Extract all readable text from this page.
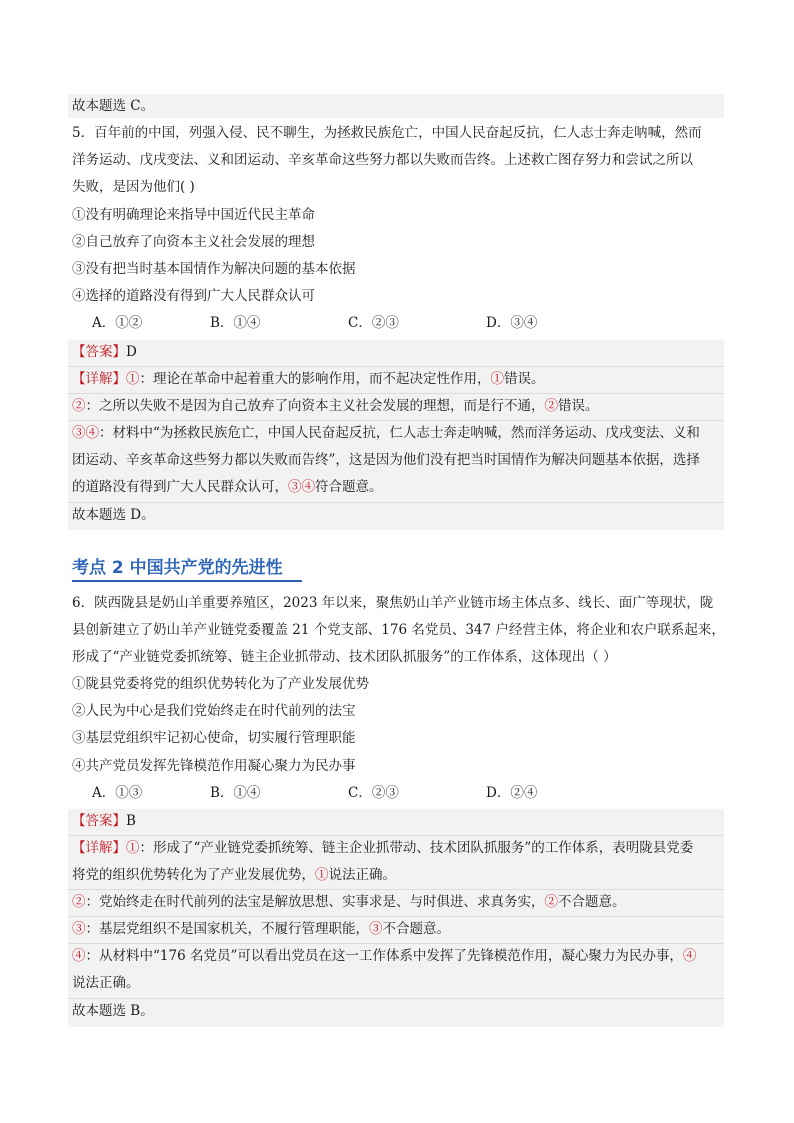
故本题选 C。
5．百年前的中国，列强入侵、民不聊生，为拯救民族危亡，中国人民奋起反抗，仁人志士奔走呐喊，然而
洋务运动、戊戌变法、义和团运动、辛亥革命这些努力都以失败而告终。上述救亡图存努力和尝试之所以
失败，是因为他们( )
①没有明确理论来指导中国近代民主革命
②自己放弃了向资本主义社会发展的理想
③没有把当时基本国情作为解决问题的基本依据
④选择的道路没有得到广大人民群众认可
A．①②	B．①④	C．②③	D．③④
【答案】D
【详解】①：理论在革命中起着重大的影响作用，而不起决定性作用，①错误。
②：之所以失败不是因为自己放弃了向资本主义社会发展的理想，而是行不通，②错误。
③④：材料中“为拯救民族危亡，中国人民奋起反抗，仁人志士奔走呐喊，然而洋务运动、戊戌变法、义和
团运动、辛亥革命这些努力都以失败而告终”，这是因为他们没有把当时国情作为解决问题基本依据，选择
的道路没有得到广大人民群众认可，③④符合题意。
故本题选 D。
考点 2 中国共产党的先进性
6．陕西陇县是奶山羊重要养殖区，2023 年以来，聚焦奶山羊产业链市场主体点多、线长、面广等现状，陇
县创新建立了奶山羊产业链党委覆盖 21 个党支部、176 名党员、347 户经营主体，将企业和农户联系起来，
形成了“产业链党委抓统筹、链主企业抓带动、技术团队抓服务”的工作体系，这体现出（ ）
①陇县党委将党的组织优势转化为了产业发展优势
②人民为中心是我们党始终走在时代前列的法宝
③基层党组织牢记初心使命，切实履行管理职能
④共产党员发挥先锋模范作用凝心聚力为民办事
A．①③	B．①④	C．②③	D．②④
【答案】B
【详解】①：形成了“产业链党委抓统筹、链主企业抓带动、技术团队抓服务”的工作体系，表明陇县党委
将党的组织优势转化为了产业发展优势，①说法正确。
②：党始终走在时代前列的法宝是解放思想、实事求是、与时俱进、求真务实，②不合题意。
③：基层党组织不是国家机关，不履行管理职能，③不合题意。
④：从材料中“176 名党员”可以看出党员在这一工作体系中发挥了先锋模范作用，凝心聚力为民办事，④
说法正确。
故本题选 B。
